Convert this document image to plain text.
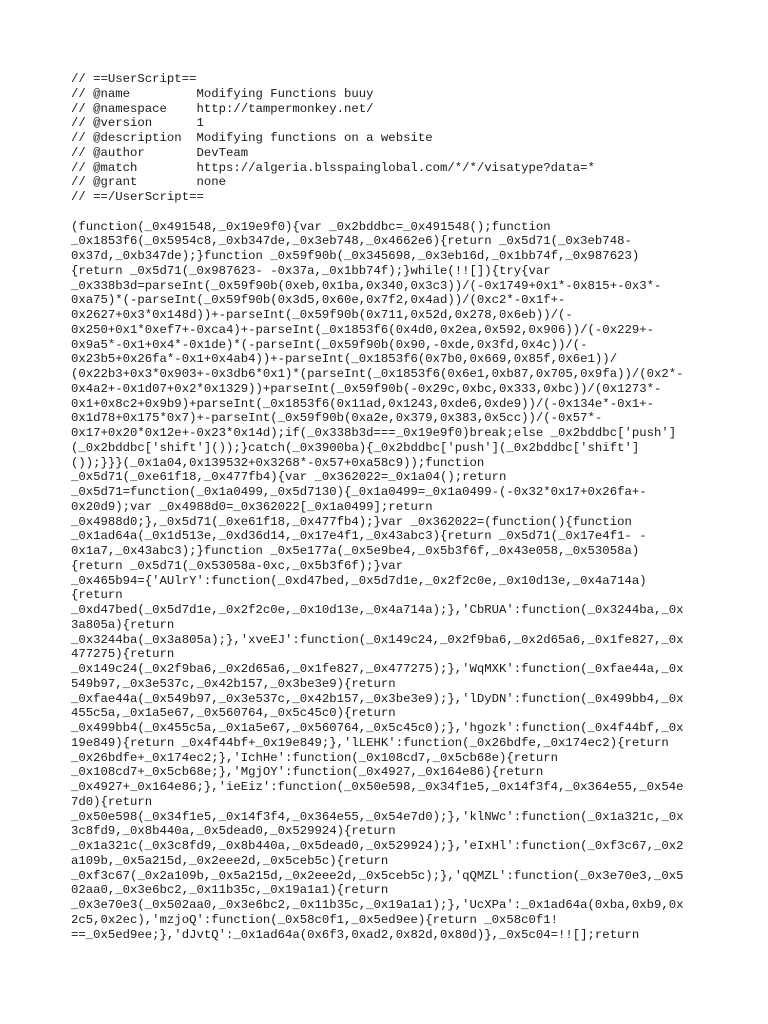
// ==UserScript==
// @name         Modifying Functions buuy
// @namespace    http://tampermonkey.net/
// @version      1
// @description  Modifying functions on a website
// @author       DevTeam
// @match        https://algeria.blsspainglobal.com/*/*/visatype?data=*
// @grant        none
// ==/UserScript==
(function(_0x491548,_0x19e9f0){var _0x2bddbc=_0x491548();function
_0x1853f6(_0x5954c8,_0xb347de,_0x3eb748,_0x4662e6){return _0x5d71(_0x3eb748-
0x37d,_0xb347de);}function _0x59f90b(_0x345698,_0x3eb16d,_0x1bb74f,_0x987623)
{return _0x5d71(_0x987623- -0x37a,_0x1bb74f);}while(!![]){try{var
_0x338b3d=parseInt(_0x59f90b(0xeb,0x1ba,0x340,0x3c3))/(-0x1749+0x1*-0x815+-0x3*-
0xa75)*(-parseInt(_0x59f90b(0x3d5,0x60e,0x7f2,0x4ad))/(0xc2*-0x1f+-
0x2627+0x3*0x148d))+-parseInt(_0x59f90b(0x711,0x52d,0x278,0x6eb))/(-
0x250+0x1*0xef7+-0xca4)+-parseInt(_0x1853f6(0x4d0,0x2ea,0x592,0x906))/(-0x229+-
0x9a5*-0x1+0x4*-0x1de)*(-parseInt(_0x59f90b(0x90,-0xde,0x3fd,0x4c))/(-
0x23b5+0x26fa*-0x1+0x4ab4))+-parseInt(_0x1853f6(0x7b0,0x669,0x85f,0x6e1))/
(0x22b3+0x3*0x903+-0x3db6*0x1)*(parseInt(_0x1853f6(0x6e1,0xb87,0x705,0x9fa))/(0x2*-
0x4a2+-0x1d07+0x2*0x1329))+parseInt(_0x59f90b(-0x29c,0xbc,0x333,0xbc))/(0x1273*-
0x1+0x8c2+0x9b9)+parseInt(_0x1853f6(0x11ad,0x1243,0xde6,0xde9))/(-0x134e*-0x1+-
0x1d78+0x175*0x7)+-parseInt(_0x59f90b(0xa2e,0x379,0x383,0x5cc))/(-0x57*-
0x17+0x20*0x12e+-0x23*0x14d);if(_0x338b3d===_0x19e9f0)break;else _0x2bddbc['push']
(_0x2bddbc['shift']());}catch(_0x3900ba){_0x2bddbc['push'](_0x2bddbc['shift']
());}}}(_0x1a04,0x139532+0x3268*-0x57+0xa58c9));function
_0x5d71(_0xe61f18,_0x477fb4){var _0x362022=_0x1a04();return
_0x5d71=function(_0x1a0499,_0x5d7130){_0x1a0499=_0x1a0499-(-0x32*0x17+0x26fa+-
0x20d9);var _0x4988d0=_0x362022[_0x1a0499];return
_0x4988d0;},_0x5d71(_0xe61f18,_0x477fb4);}var _0x362022=(function(){function
_0x1ad64a(_0x1d513e,_0xd36d14,_0x17e4f1,_0x43abc3){return _0x5d71(_0x17e4f1- -
0x1a7,_0x43abc3);}function _0x5e177a(_0x5e9be4,_0x5b3f6f,_0x43e058,_0x53058a)
{return _0x5d71(_0x53058a-0xc,_0x5b3f6f);}var
_0x465b94={'AUlrY':function(_0xd47bed,_0x5d7d1e,_0x2f2c0e,_0x10d13e,_0x4a714a)
{return
_0xd47bed(_0x5d7d1e,_0x2f2c0e,_0x10d13e,_0x4a714a);},'CbRUA':function(_0x3244ba,_0x
3a805a){return
_0x3244ba(_0x3a805a);},'xveEJ':function(_0x149c24,_0x2f9ba6,_0x2d65a6,_0x1fe827,_0x
477275){return
_0x149c24(_0x2f9ba6,_0x2d65a6,_0x1fe827,_0x477275);},'WqMXK':function(_0xfae44a,_0x
549b97,_0x3e537c,_0x42b157,_0x3be3e9){return
_0xfae44a(_0x549b97,_0x3e537c,_0x42b157,_0x3be3e9);},'lDyDN':function(_0x499bb4,_0x
455c5a,_0x1a5e67,_0x560764,_0x5c45c0){return
_0x499bb4(_0x455c5a,_0x1a5e67,_0x560764,_0x5c45c0);},'hgozk':function(_0x4f44bf,_0x
19e849){return _0x4f44bf+_0x19e849;},'lLEHK':function(_0x26bdfe,_0x174ec2){return
_0x26bdfe+_0x174ec2;},'IchHe':function(_0x108cd7,_0x5cb68e){return
_0x108cd7+_0x5cb68e;},'MgjOY':function(_0x4927,_0x164e86){return
_0x4927+_0x164e86;},'ieEiz':function(_0x50e598,_0x34f1e5,_0x14f3f4,_0x364e55,_0x54e
7d0){return
_0x50e598(_0x34f1e5,_0x14f3f4,_0x364e55,_0x54e7d0);},'klNWc':function(_0x1a321c,_0x
3c8fd9,_0x8b440a,_0x5dead0,_0x529924){return
_0x1a321c(_0x3c8fd9,_0x8b440a,_0x5dead0,_0x529924);},'eIxHl':function(_0xf3c67,_0x2
a109b,_0x5a215d,_0x2eee2d,_0x5ceb5c){return
_0xf3c67(_0x2a109b,_0x5a215d,_0x2eee2d,_0x5ceb5c);},'qQMZL':function(_0x3e70e3,_0x5
02aa0,_0x3e6bc2,_0x11b35c,_0x19a1a1){return
_0x3e70e3(_0x502aa0,_0x3e6bc2,_0x11b35c,_0x19a1a1);},'UcXPa':_0x1ad64a(0xba,0xb9,0x
2c5,0x2ec),'mzjoQ':function(_0x58c0f1,_0x5ed9ee){return _0x58c0f1!
==_0x5ed9ee;},'dJvtQ':_0x1ad64a(0x6f3,0xad2,0x82d,0x80d)},_0x5c04=!![];return
